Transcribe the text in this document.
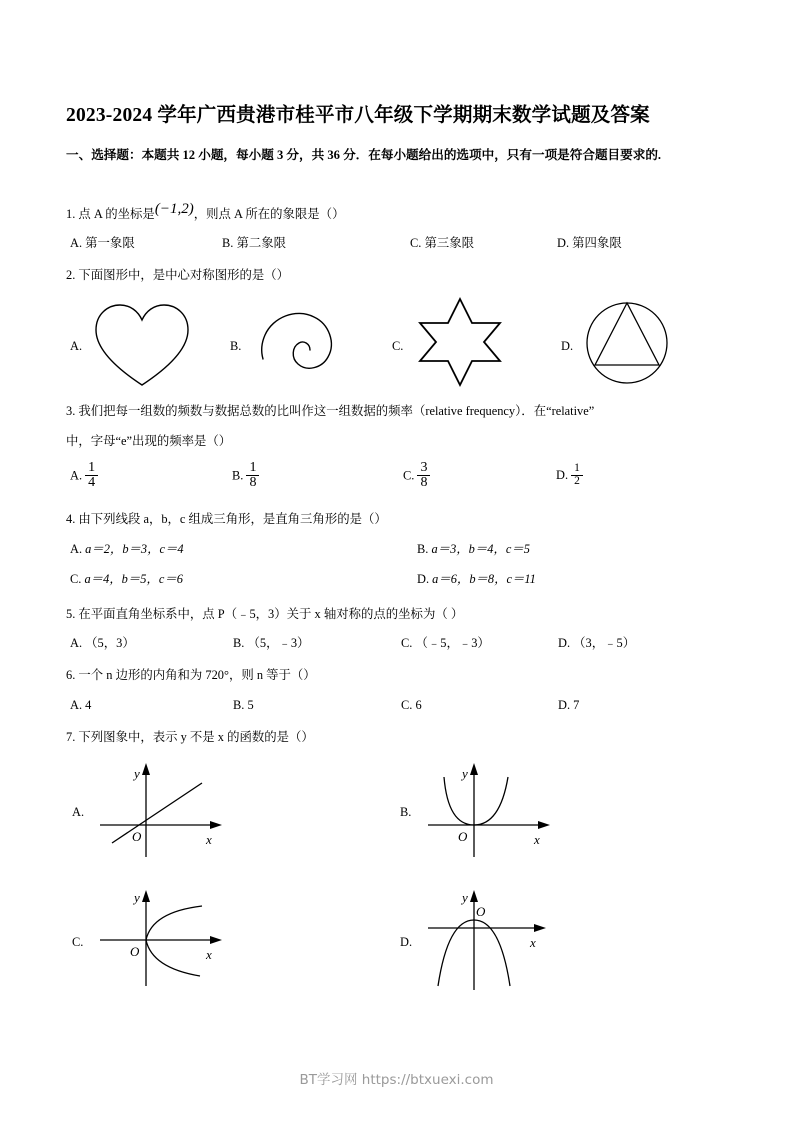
2023-2024 学年广西贵港市桂平市八年级下学期期末数学试题及答案
一、选择题：本题共 12 小题，每小题 3 分，共 36 分．在每小题给出的选项中，只有一项是符合题目要求的.
1. 点 A 的坐标是(−1,2)，则点 A 所在的象限是（）
A. 第一象限	B. 第二象限	C. 第三象限	D. 第四象限
2. 下面图形中，是中心对称图形的是（）
A.	B.	C.	D.
3. 我们把每一组数的频数与数据总数的比叫作这一组数据的频率（relative frequency）．在“relative”
中，字母“e”出现的频率是（）
A. $\frac{1}{4}$	B. $\frac{1}{8}$	C. $\frac{3}{8}$	D. $\frac{1}{2}$
4. 由下列线段 a，b，c 组成三角形，是直角三角形的是（）
A. a＝2，b＝3，c＝4	B. a＝3，b＝4，c＝5
C. a＝4，b＝5，c＝6	D. a＝6，b＝8，c＝11
5. 在平面直角坐标系中，点 P（﹣5，3）关于 x 轴对称的点的坐标为（ ）
A. （5，3）	B. （5，﹣3）	C. （﹣5，﹣3）	D. （3，﹣5）
6. 一个 n 边形的内角和为 720°，则 n 等于（）
A. 4	B. 5	C. 6	D. 7
7. 下列图象中，表示 y 不是 x 的函数的是（）
A.
y
x
O
B.
y
x
O
C.
y
x
O
D.
y
x
O
BT学习网 https://btxuexi.com
